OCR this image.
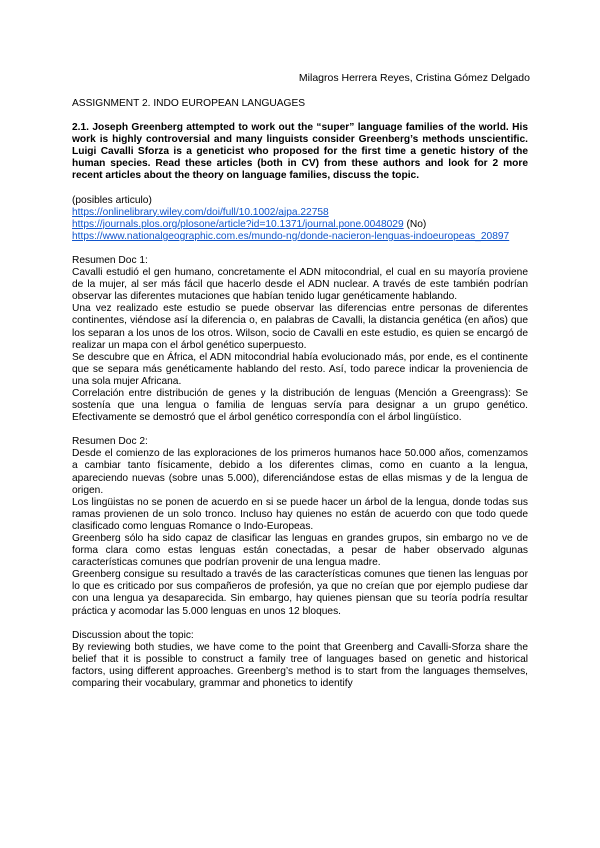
Milagros Herrera Reyes, Cristina Gómez Delgado

ASSIGNMENT 2. INDO EUROPEAN LANGUAGES

2.1. Joseph Greenberg attempted to work out the “super” language families of the world. His work is highly controversial and many linguists consider Greenberg’s methods unscientific. Luigi Cavalli Sforza is a geneticist who proposed for the first time a genetic history of the human species. Read these articles (both in CV) from these authors and look for 2 more recent articles about the theory on language families, discuss the topic.

(posibles articulo)

https://onlinelibrary.wiley.com/doi/full/10.1002/ajpa.22758

https://journals.plos.org/plosone/article?id=10.1371/journal.pone.0048029 (No)

https://www.nationalgeographic.com.es/mundo-ng/donde-nacieron-lenguas-indoeuropeas_20897

Resumen Doc 1:

Cavalli estudió el gen humano, concretamente el ADN mitocondrial, el cual en su mayoría proviene de la mujer, al ser más fácil que hacerlo desde el ADN nuclear. A través de este también podrían observar las diferentes mutaciones que habían tenido lugar genéticamente hablando.

Una vez realizado este estudio se puede observar las diferencias entre personas de diferentes continentes, viéndose así la diferencia o, en palabras de Cavalli, la distancia genética (en años) que los separan a los unos de los otros. Wilson, socio de Cavalli en este estudio, es quien se encargó de realizar un mapa con el árbol genético superpuesto.

Se descubre que en África, el ADN mitocondrial había evolucionado más, por ende, es el continente que se separa más genéticamente hablando del resto. Así, todo parece indicar la proveniencia de una sola mujer Africana.

Correlación entre distribución de genes y la distribución de lenguas (Mención a Greengrass): Se sostenía que una lengua o familia de lenguas servía para designar a un grupo genético. Efectivamente se demostró que el árbol genético correspondía con el árbol lingüístico.

Resumen Doc 2:

Desde el comienzo de las exploraciones de los primeros humanos hace 50.000 años, comenzamos a cambiar tanto físicamente, debido a los diferentes climas, como en cuanto a la lengua, apareciendo nuevas (sobre unas 5.000), diferenciándose estas de ellas mismas y de la lengua de origen.

Los lingüistas no se ponen de acuerdo en si se puede hacer un árbol de la lengua, donde todas sus ramas provienen de un solo tronco. Incluso hay quienes no están de acuerdo con que todo quede clasificado como lenguas Romance o Indo-Europeas.

Greenberg sólo ha sido capaz de clasificar las lenguas en grandes grupos, sin embargo no ve de forma clara como estas lenguas están conectadas, a pesar de haber observado algunas características comunes que podrían provenir de una lengua madre.

Greenberg consigue su resultado a través de las características comunes que tienen las lenguas por lo que es criticado por sus compañeros de profesión, ya que no creían que por ejemplo pudiese dar con una lengua ya desaparecida. Sin embargo, hay quienes piensan que su teoría podría resultar práctica y acomodar las 5.000 lenguas en unos 12 bloques.

Discussion about the topic:

By reviewing both studies, we have come to the point that Greenberg and Cavalli-Sforza share the belief that it is possible to construct a family tree of languages based on genetic and historical factors, using different approaches. Greenberg’s method is to start from the languages themselves, comparing their vocabulary, grammar and phonetics to identify
